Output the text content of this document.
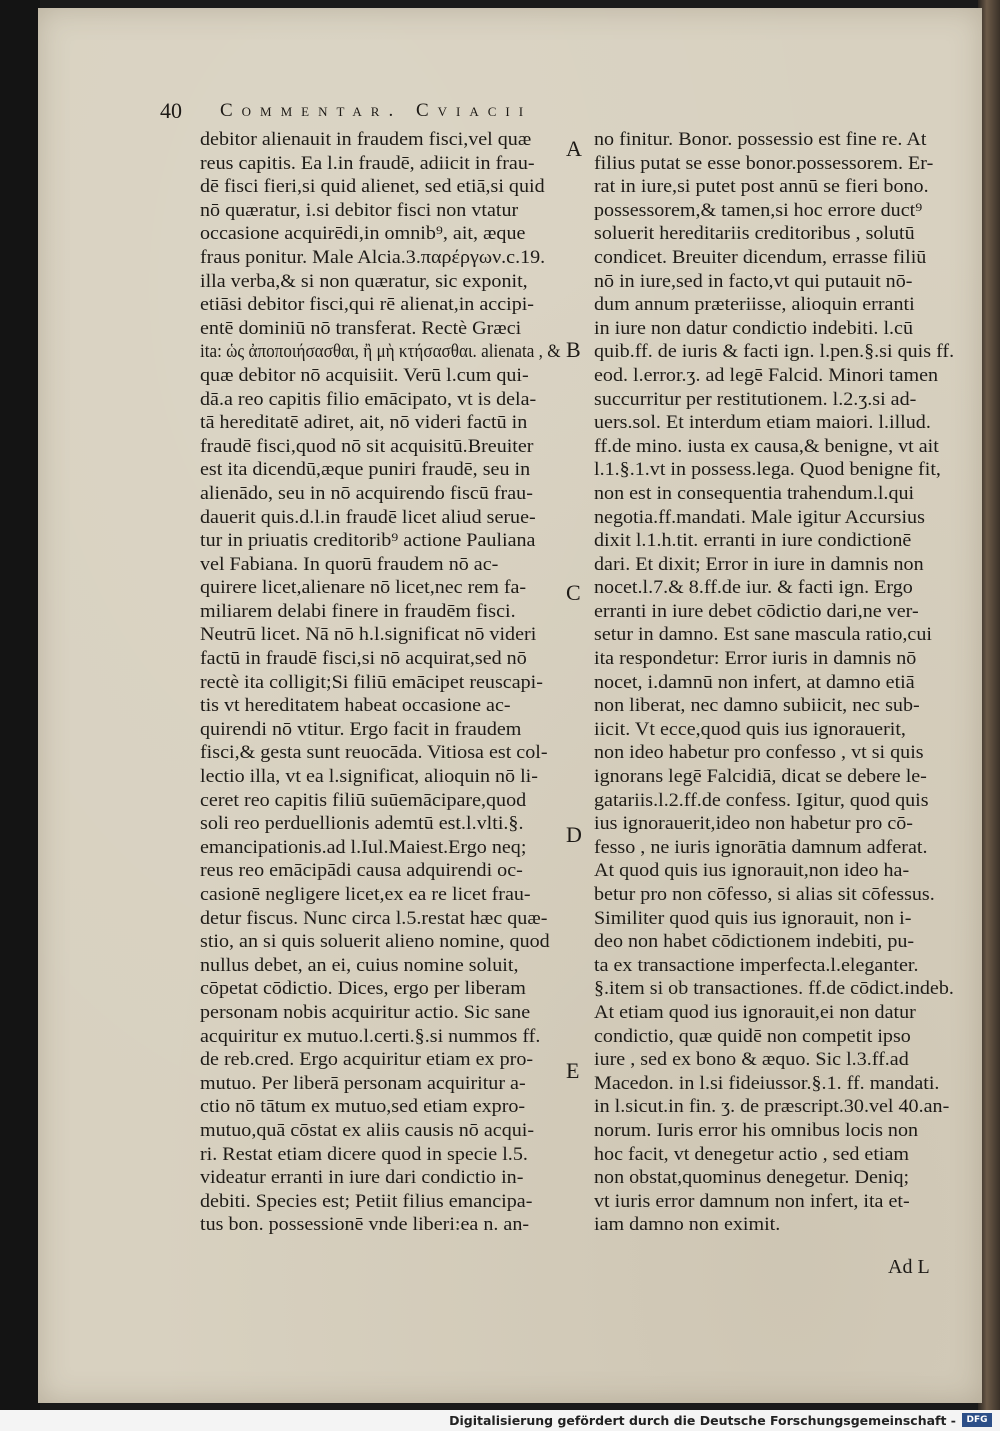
40 Commentar. Cviacii
debitor alienauit in fraudem fisci,vel quæ
reus capitis. Ea l.in fraudē, adiicit in frau-
dē fisci fieri,si quid alienet, sed etiā,si quid
nō quæratur, i.si debitor fisci non vtatur
occasione acquirēdi,in omnib⁹, ait, æque
fraus ponitur. Male Alcia.3.παρέργων.c.19.
illa verba,& si non quæratur, sic exponit,
etiāsi debitor fisci,qui rē alienat,in accipi-
entē dominiū nō transferat. Rectè Græci
ita: ὡς ἀποποιήσασθαι, ἢ μὴ κτήσασθαι. alienata , &
quæ debitor nō acquisiit. Verū l.cum qui-
dā.a reo capitis filio emācipato, vt is dela-
tā hereditatē adiret, ait, nō videri factū in
fraudē fisci,quod nō sit acquisitū.Breuiter
est ita dicendū,æque puniri fraudē, seu in
alienādo, seu in nō acquirendo fiscū frau-
dauerit quis.d.l.in fraudē licet aliud serue-
tur in priuatis creditorib⁹ actione Pauliana
vel Fabiana. In quorū fraudem nō ac-
quirere licet,alienare nō licet,nec rem fa-
miliarem delabi finere in fraudēm fisci.
Neutrū licet. Nā nō h.l.significat nō videri
factū in fraudē fisci,si nō acquirat,sed nō
rectè ita colligit;Si filiū emācipet reuscapi-
tis vt hereditatem habeat occasione ac-
quirendi nō vtitur. Ergo facit in fraudem
fisci,& gesta sunt reuocāda. Vitiosa est col-
lectio illa, vt ea l.significat, alioquin nō li-
ceret reo capitis filiū suūemācipare,quod
soli reo perduellionis ademtū est.l.vlti.§.
emancipationis.ad l.Iul.Maiest.Ergo neq;
reus reo emācipādi causa adquirendi oc-
casionē negligere licet,ex ea re licet frau-
detur fiscus. Nunc circa l.5.restat hæc quæ-
stio, an si quis soluerit alieno nomine, quod
nullus debet, an ei, cuius nomine soluit,
cōpetat cōdictio. Dices, ergo per liberam
personam nobis acquiritur actio. Sic sane
acquiritur ex mutuo.l.certi.§.si nummos ff.
de reb.cred. Ergo acquiritur etiam ex pro-
mutuo. Per liberā personam acquiritur a-
ctio nō tātum ex mutuo,sed etiam expro-
mutuo,quā cōstat ex aliis causis nō acqui-
ri. Restat etiam dicere quod in specie l.5.
videatur erranti in iure dari condictio in-
debiti. Species est; Petiit filius emancipa-
tus bon. possessionē vnde liberi:ea n. an-
no finitur. Bonor. possessio est fine re. At
filius putat se esse bonor.possessorem. Er-
rat in iure,si putet post annū se fieri bono.
possessorem,& tamen,si hoc errore duct⁹
soluerit hereditariis creditoribus , solutū
condicet. Breuiter dicendum, errasse filiū
nō in iure,sed in facto,vt qui putauit nō-
dum annum præteriisse, alioquin erranti
in iure non datur condictio indebiti. l.cū
quib.ff. de iuris & facti ign. l.pen.§.si quis ff.
eod. l.error.ʒ. ad legē Falcid. Minori tamen
succurritur per restitutionem. l.2.ʒ.si ad-
uers.sol. Et interdum etiam maiori. l.illud.
ff.de mino. iusta ex causa,& benigne, vt ait
l.1.§.1.vt in possess.lega. Quod benigne fit,
non est in consequentia trahendum.l.qui
negotia.ff.mandati. Male igitur Accursius
dixit l.1.h.tit. erranti in iure condictionē
dari. Et dixit; Error in iure in damnis non
nocet.l.7.& 8.ff.de iur. & facti ign. Ergo
erranti in iure debet cōdictio dari,ne ver-
setur in damno. Est sane mascula ratio,cui
ita respondetur: Error iuris in damnis nō
nocet, i.damnū non infert, at damno etiā
non liberat, nec damno subiicit, nec sub-
iicit. Vt ecce,quod quis ius ignorauerit,
non ideo habetur pro confesso , vt si quis
ignorans legē Falcidiā, dicat se debere le-
gatariis.l.2.ff.de confess. Igitur, quod quis
ius ignorauerit,ideo non habetur pro cō-
fesso , ne iuris ignorātia damnum adferat.
At quod quis ius ignorauit,non ideo ha-
betur pro non cōfesso, si alias sit cōfessus.
Similiter quod quis ius ignorauit, non i-
deo non habet cōdictionem indebiti, pu-
ta ex transactione imperfecta.l.eleganter.
§.item si ob transactiones. ff.de cōdict.indeb.
At etiam quod ius ignorauit,ei non datur
condictio, quæ quidē non competit ipso
iure , sed ex bono & æquo. Sic l.3.ff.ad
Macedon. in l.si fideiussor.§.1. ff. mandati.
in l.sicut.in fin. ʒ. de præscript.30.vel 40.an-
norum. Iuris error his omnibus locis non
hoc facit, vt denegetur actio , sed etiam
non obstat,quominus denegetur. Deniq;
vt iuris error damnum non infert, ita et-
iam damno non eximit.
A
B
C
D
E
Ad L
Digitalisierung gefördert durch die Deutsche Forschungsgemeinschaft -	DFG
